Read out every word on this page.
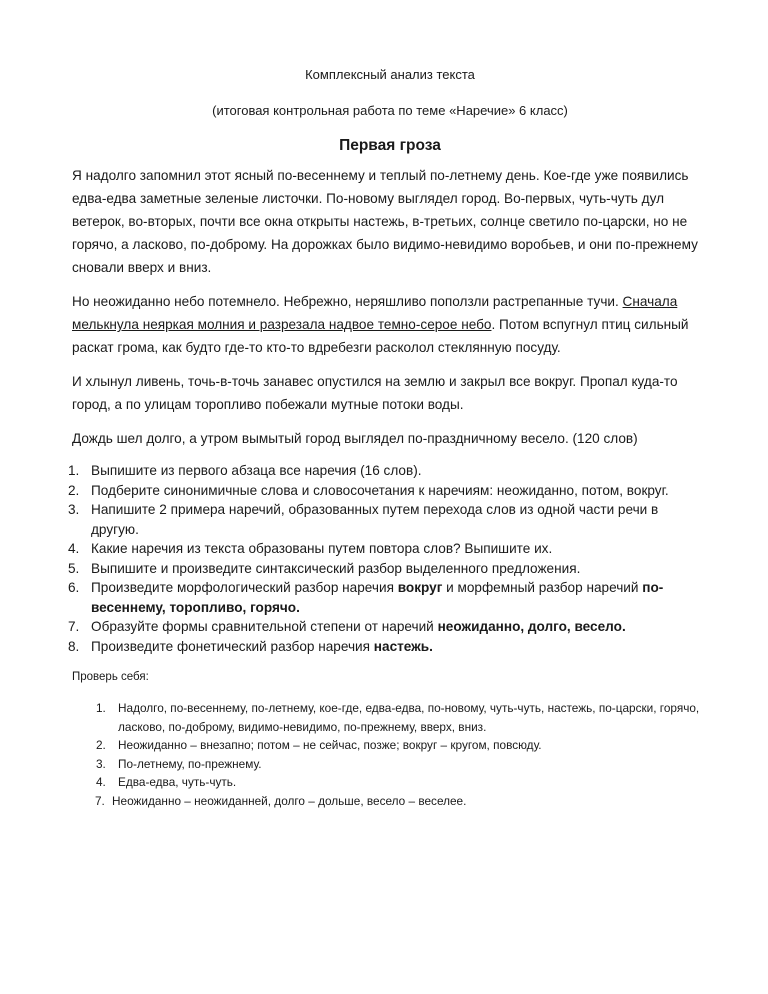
Комплексный анализ текста
(итоговая контрольная работа по теме «Наречие» 6 класс)
Первая гроза
Я надолго запомнил этот ясный по-весеннему и теплый по-летнему день. Кое-где уже появились едва-едва заметные зеленые листочки. По-новому выглядел город. Во-первых, чуть-чуть дул ветерок, во-вторых, почти все окна открыты настежь, в-третьих, солнце светило по-царски, но не горячо, а ласково, по-доброму. На дорожках было видимо-невидимо воробьев, и они по-прежнему сновали вверх и вниз.
Но неожиданно небо потемнело. Небрежно, неряшливо поползли растрепанные тучи. Сначала мелькнула неяркая молния и разрезала надвое темно-серое небо. Потом вспугнул птиц сильный раскат грома, как будто где-то кто-то вдребезги расколол стеклянную посуду.
И хлынул ливень, точь-в-точь занавес опустился на землю и закрыл все вокруг. Пропал куда-то город, а по улицам торопливо побежали мутные потоки воды.
Дождь шел долго, а утром вымытый город выглядел по-праздничному весело. (120 слов)
1. Выпишите из первого абзаца все наречия (16 слов).
2. Подберите синонимичные слова и словосочетания к наречиям: неожиданно, потом, вокруг.
3. Напишите 2 примера наречий, образованных путем перехода слов из одной части речи в другую.
4. Какие наречия из текста образованы путем повтора слов? Выпишите их.
5. Выпишите и произведите синтаксический разбор выделенного предложения.
6. Произведите морфологический разбор наречия вокруг и морфемный разбор наречий по-весеннему, торопливо, горячо.
7. Образуйте формы сравнительной степени от наречий неожиданно, долго, весело.
8. Произведите фонетический разбор наречия настежь.
Проверь себя:
1. Надолго, по-весеннему, по-летнему, кое-где, едва-едва, по-новому, чуть-чуть, настежь, по-царски, горячо, ласково, по-доброму, видимо-невидимо, по-прежнему, вверх, вниз.
2. Неожиданно – внезапно; потом – не сейчас, позже; вокруг – кругом, повсюду.
3. По-летнему, по-прежнему.
4. Едва-едва, чуть-чуть.
7. Неожиданно – неожиданней, долго – дольше, весело – веселее.
